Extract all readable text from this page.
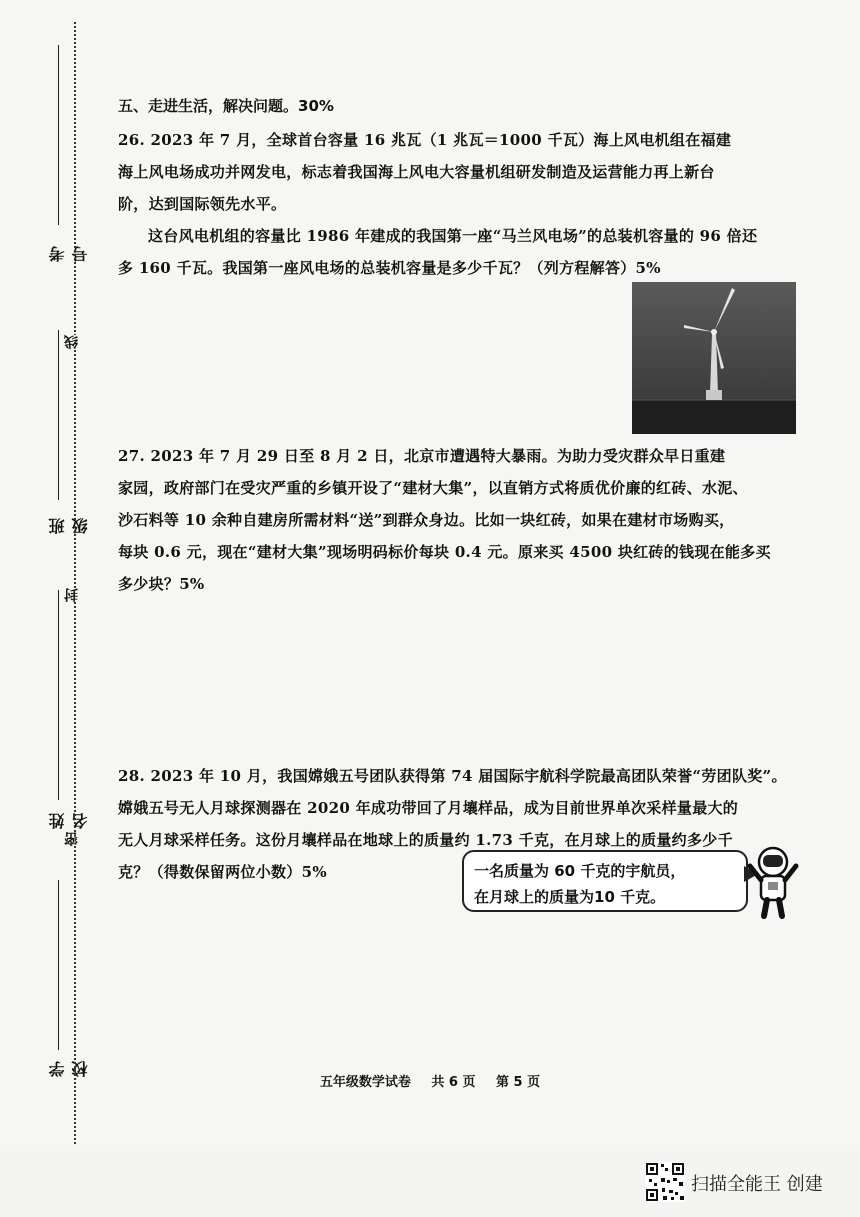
考号
班级
姓名
学校
线
封
密
五、走进生活，解决问题。30%

26. 2023 年 7 月，全球首台容量 16 兆瓦（1 兆瓦＝1000 千瓦）海上风电机组在福建

海上风电场成功并网发电，标志着我国海上风电大容量机组研发制造及运营能力再上新台

阶，达到国际领先水平。

这台风电机组的容量比 1986 年建成的我国第一座“马兰风电场”的总装机容量的 96 倍还

多 160 千瓦。我国第一座风电场的总装机容量是多少千瓦？（列方程解答）5%

27. 2023 年 7 月 29 日至 8 月 2 日，北京市遭遇特大暴雨。为助力受灾群众早日重建

家园，政府部门在受灾严重的乡镇开设了“建材大集”，以直销方式将质优价廉的红砖、水泥、

沙石料等 10 余种自建房所需材料“送”到群众身边。比如一块红砖，如果在建材市场购买，

每块 0.6 元，现在“建材大集”现场明码标价每块 0.4 元。原来买 4500 块红砖的钱现在能多买

多少块？5%

28. 2023 年 10 月，我国嫦娥五号团队获得第 74 届国际宇航科学院最高团队荣誉“劳团队奖”。

嫦娥五号无人月球探测器在 2020 年成功带回了月壤样品，成为目前世界单次采样量最大的

无人月球采样任务。这份月壤样品在地球上的质量约 1.73 千克，在月球上的质量约多少千

克？（得数保留两位小数）5%	一名质量为 60 千克的宇航员，
在月球上的质量为10 千克。
五年级数学试卷 共 6 页 第 5 页
扫描全能王 创建
